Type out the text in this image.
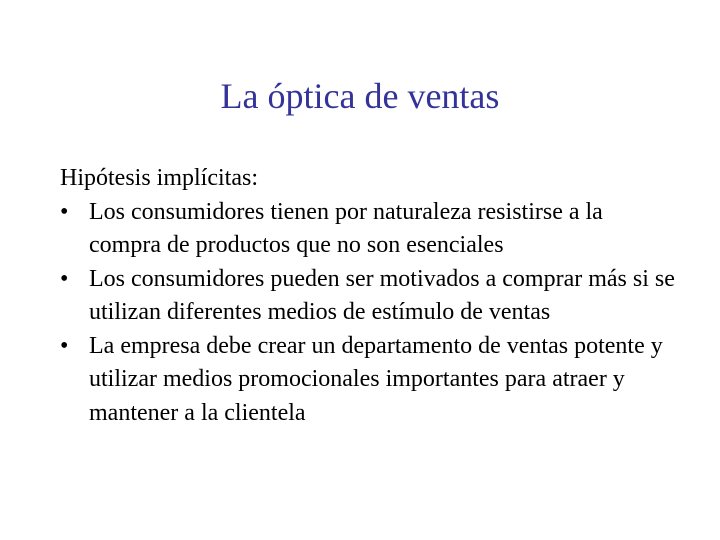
La óptica de ventas

Hipótesis implícitas:

• Los consumidores tienen por naturaleza resistirse a la compra de productos que no son esenciales
• Los consumidores pueden ser motivados a comprar más si se utilizan diferentes medios de estímulo de ventas
• La empresa debe crear un departamento de ventas potente y utilizar medios promocionales importantes para atraer y mantener a la clientela
